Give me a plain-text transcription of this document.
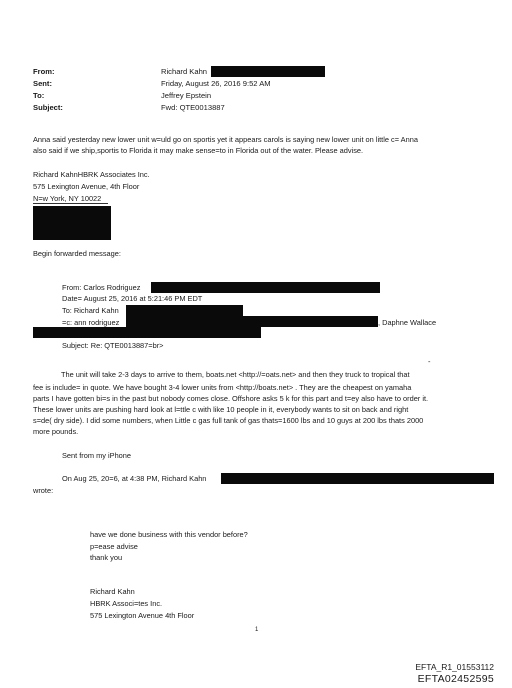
From:
Sent:
To:
Subject:
Richard Kahn
Friday, August 26, 2016 9:52 AM
Jeffrey Epstein
Fwd: QTE0013887
Anna said yesterday new lower unit w=uld go on sportis yet it appears carols is saying new lower unit on little c= Anna
also said if we ship,sportis to Florida it may make sense=to in Florida out of the water. Please advise.
Richard KahnHBRK Associates Inc.
575 Lexington Avenue, 4th Floor
N=w York, NY 10022
Begin forwarded message:
From: Carlos Rodriguez
Date= August 25, 2016 at 5:21:46 PM EDT
To: Richard Kahn
=c: ann rodriguez	, Daphne Wallace
Subject: Re: QTE0013887=br>
-
The unit will take 2-3 days to arrive to them, boats.net <http://=oats.net> and then they truck to tropical that
fee is include= in quote. We have bought 3-4 lower units from <http://boats.net> . They are the cheapest on yamaha
parts I have gotten bi=s in the past but nobody comes close. Offshore asks 5 k for this part and t=ey also have to order it.
These lower units are pushing hard look at l=ttle c with like 10 people in it, everybody wants to sit on back and right
s=de( dry side). I did some numbers, when Little c gas full tank of gas thats=1600 lbs and 10 guys at 200 lbs thats 2000
more pounds.
Sent from my iPhone
On Aug 25, 20=6, at 4:38 PM, Richard Kahn
wrote:
have we done business with this vendor before?
p=ease advise
thank you
Richard Kahn
HBRK Associ=tes Inc.
575 Lexington Avenue 4th Floor
1
EFTA_R1_01553112
EFTA02452595
